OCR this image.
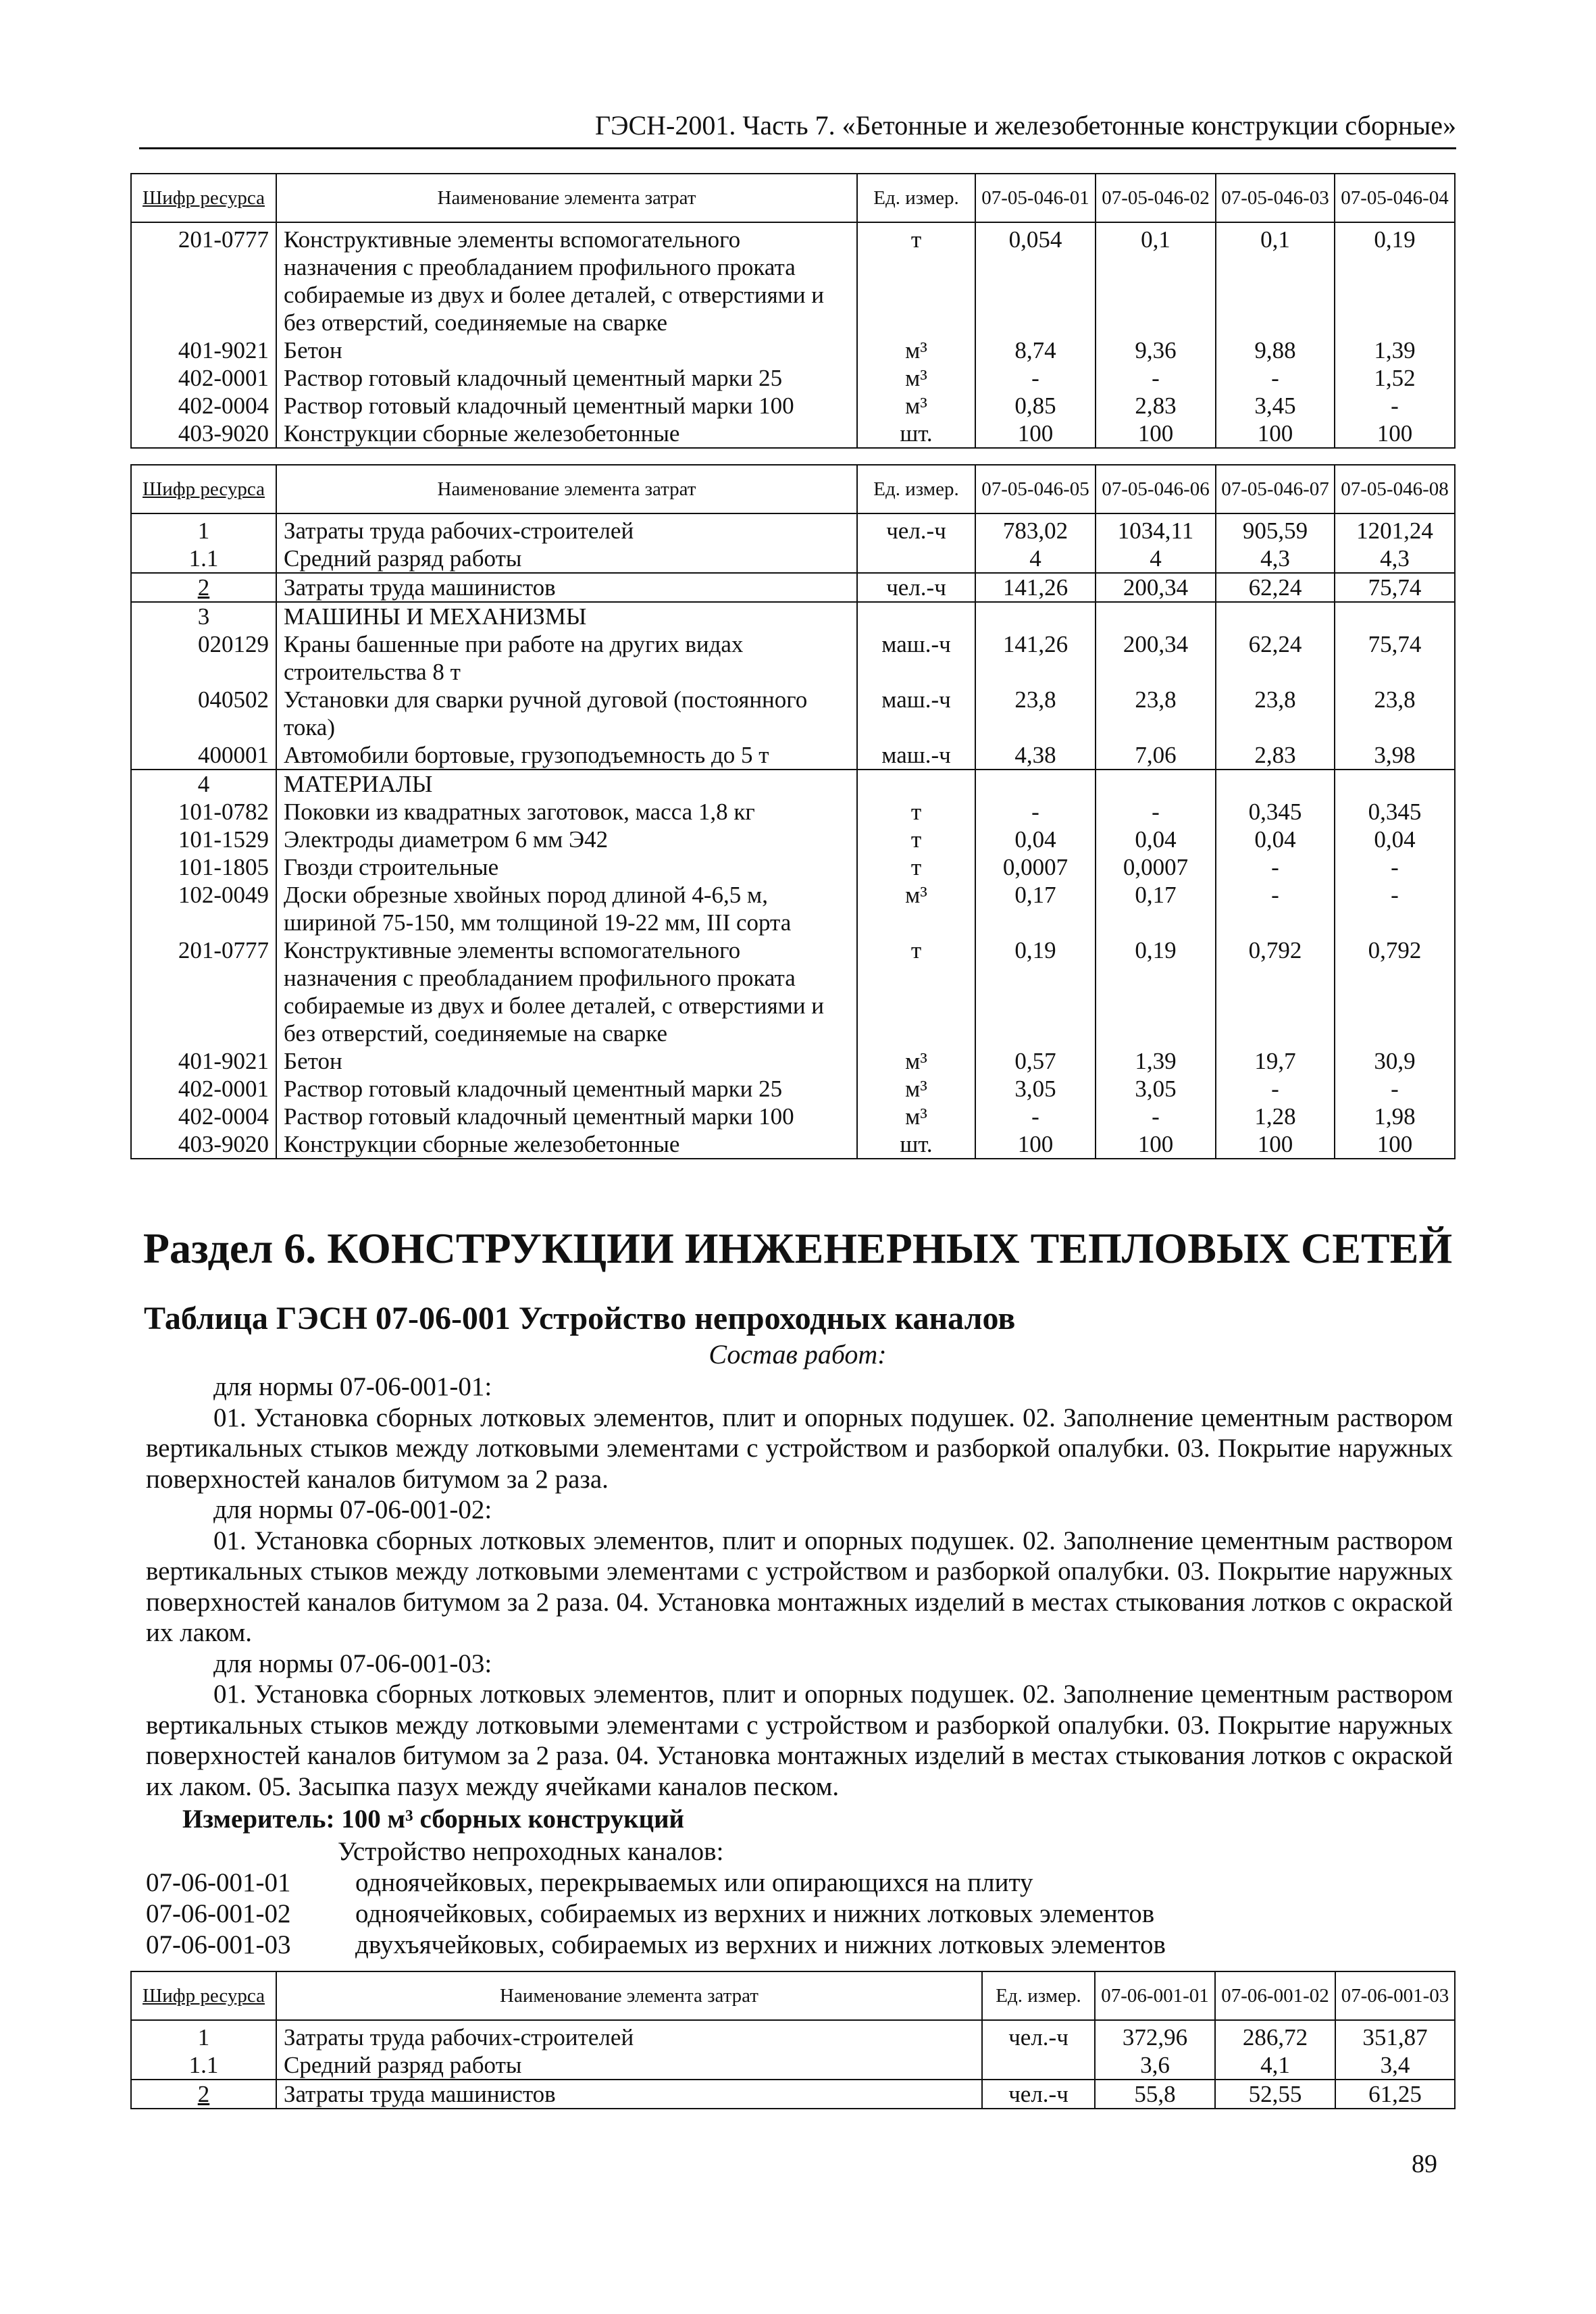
ГЭСН-2001. Часть 7. «Бетонные и железобетонные конструкции сборные»
Шифр ресурса	Наименование элемента затрат	Ед. измер.	07-05-046-01	07-05-046-02	07-05-046-03	07-05-046-04
201-0777	Конструктивные элементы вспомогательного
назначения с преобладанием профильного проката
собираемые из двух и более деталей, с отверстиями и
без отверстий, соединяемые на сварке	т	0,054	0,1	0,1	0,19
401-9021	Бетон	м³	8,74	9,36	9,88	1,39
402-0001	Раствор готовый кладочный цементный марки 25	м³	-	-	-	1,52
402-0004	Раствор готовый кладочный цементный марки 100	м³	0,85	2,83	3,45	-
403-9020	Конструкции сборные железобетонные	шт.	100	100	100	100
Шифр ресурса	Наименование элемента затрат	Ед. измер.	07-05-046-05	07-05-046-06	07-05-046-07	07-05-046-08
1	Затраты труда рабочих-строителей	чел.-ч	783,02	1034,11	905,59	1201,24
1.1	Средний разряд работы		4	4	4,3	4,3
2	Затраты труда машинистов	чел.-ч	141,26	200,34	62,24	75,74
3	МАШИНЫ И МЕХАНИЗМЫ					
020129	Краны башенные при работе на других видах
строительства 8 т	маш.-ч	141,26	200,34	62,24	75,74
040502	Установки для сварки ручной дуговой (постоянного
тока)	маш.-ч	23,8	23,8	23,8	23,8
400001	Автомобили бортовые, грузоподъемность до 5 т	маш.-ч	4,38	7,06	2,83	3,98
4	МАТЕРИАЛЫ					
101-0782	Поковки из квадратных заготовок, масса 1,8 кг	т	-	-	0,345	0,345
101-1529	Электроды диаметром 6 мм Э42	т	0,04	0,04	0,04	0,04
101-1805	Гвозди строительные	т	0,0007	0,0007	-	-
102-0049	Доски обрезные хвойных пород длиной 4-6,5 м,
шириной 75-150, мм толщиной 19-22 мм, III сорта	м³	0,17	0,17	-	-
201-0777	Конструктивные элементы вспомогательного
назначения с преобладанием профильного проката
собираемые из двух и более деталей, с отверстиями и
без отверстий, соединяемые на сварке	т	0,19	0,19	0,792	0,792
401-9021	Бетон	м³	0,57	1,39	19,7	30,9
402-0001	Раствор готовый кладочный цементный марки 25	м³	3,05	3,05	-	-
402-0004	Раствор готовый кладочный цементный марки 100	м³	-	-	1,28	1,98
403-9020	Конструкции сборные железобетонные	шт.	100	100	100	100
Раздел 6. КОНСТРУКЦИИ ИНЖЕНЕРНЫХ ТЕПЛОВЫХ СЕТЕЙ
Таблица ГЭСН 07-06-001 Устройство непроходных каналов
Состав работ:
для нормы 07-06-001-01:
01. Установка сборных лотковых элементов, плит и опорных подушек. 02. Заполнение цементным раствором вертикальных стыков между лотковыми элементами с устройством и разборкой опалубки. 03. Покрытие наружных поверхностей каналов битумом за 2 раза.
для нормы 07-06-001-02:
01. Установка сборных лотковых элементов, плит и опорных подушек. 02. Заполнение цементным раствором вертикальных стыков между лотковыми элементами с устройством и разборкой опалубки. 03. Покрытие наружных поверхностей каналов битумом за 2 раза. 04. Установка монтажных изделий в местах стыкования лотков с окраской их лаком.
для нормы 07-06-001-03:
01. Установка сборных лотковых элементов, плит и опорных подушек. 02. Заполнение цементным раствором вертикальных стыков между лотковыми элементами с устройством и разборкой опалубки. 03. Покрытие наружных поверхностей каналов битумом за 2 раза. 04. Установка монтажных изделий в местах стыкования лотков с окраской их лаком. 05. Засыпка пазух между ячейками каналов песком.
Измеритель: 100 м³ сборных конструкций
Устройство непроходных каналов:
07-06-001-01 одноячейковых, перекрываемых или опирающихся на плиту
07-06-001-02 одноячейковых, собираемых из верхних и нижних лотковых элементов
07-06-001-03 двухъячейковых, собираемых из верхних и нижних лотковых элементов
Шифр ресурса	Наименование элемента затрат	Ед. измер.	07-06-001-01	07-06-001-02	07-06-001-03
1	Затраты труда рабочих-строителей	чел.-ч	372,96	286,72	351,87
1.1	Средний разряд работы		3,6	4,1	3,4
2	Затраты труда машинистов	чел.-ч	55,8	52,55	61,25
89
